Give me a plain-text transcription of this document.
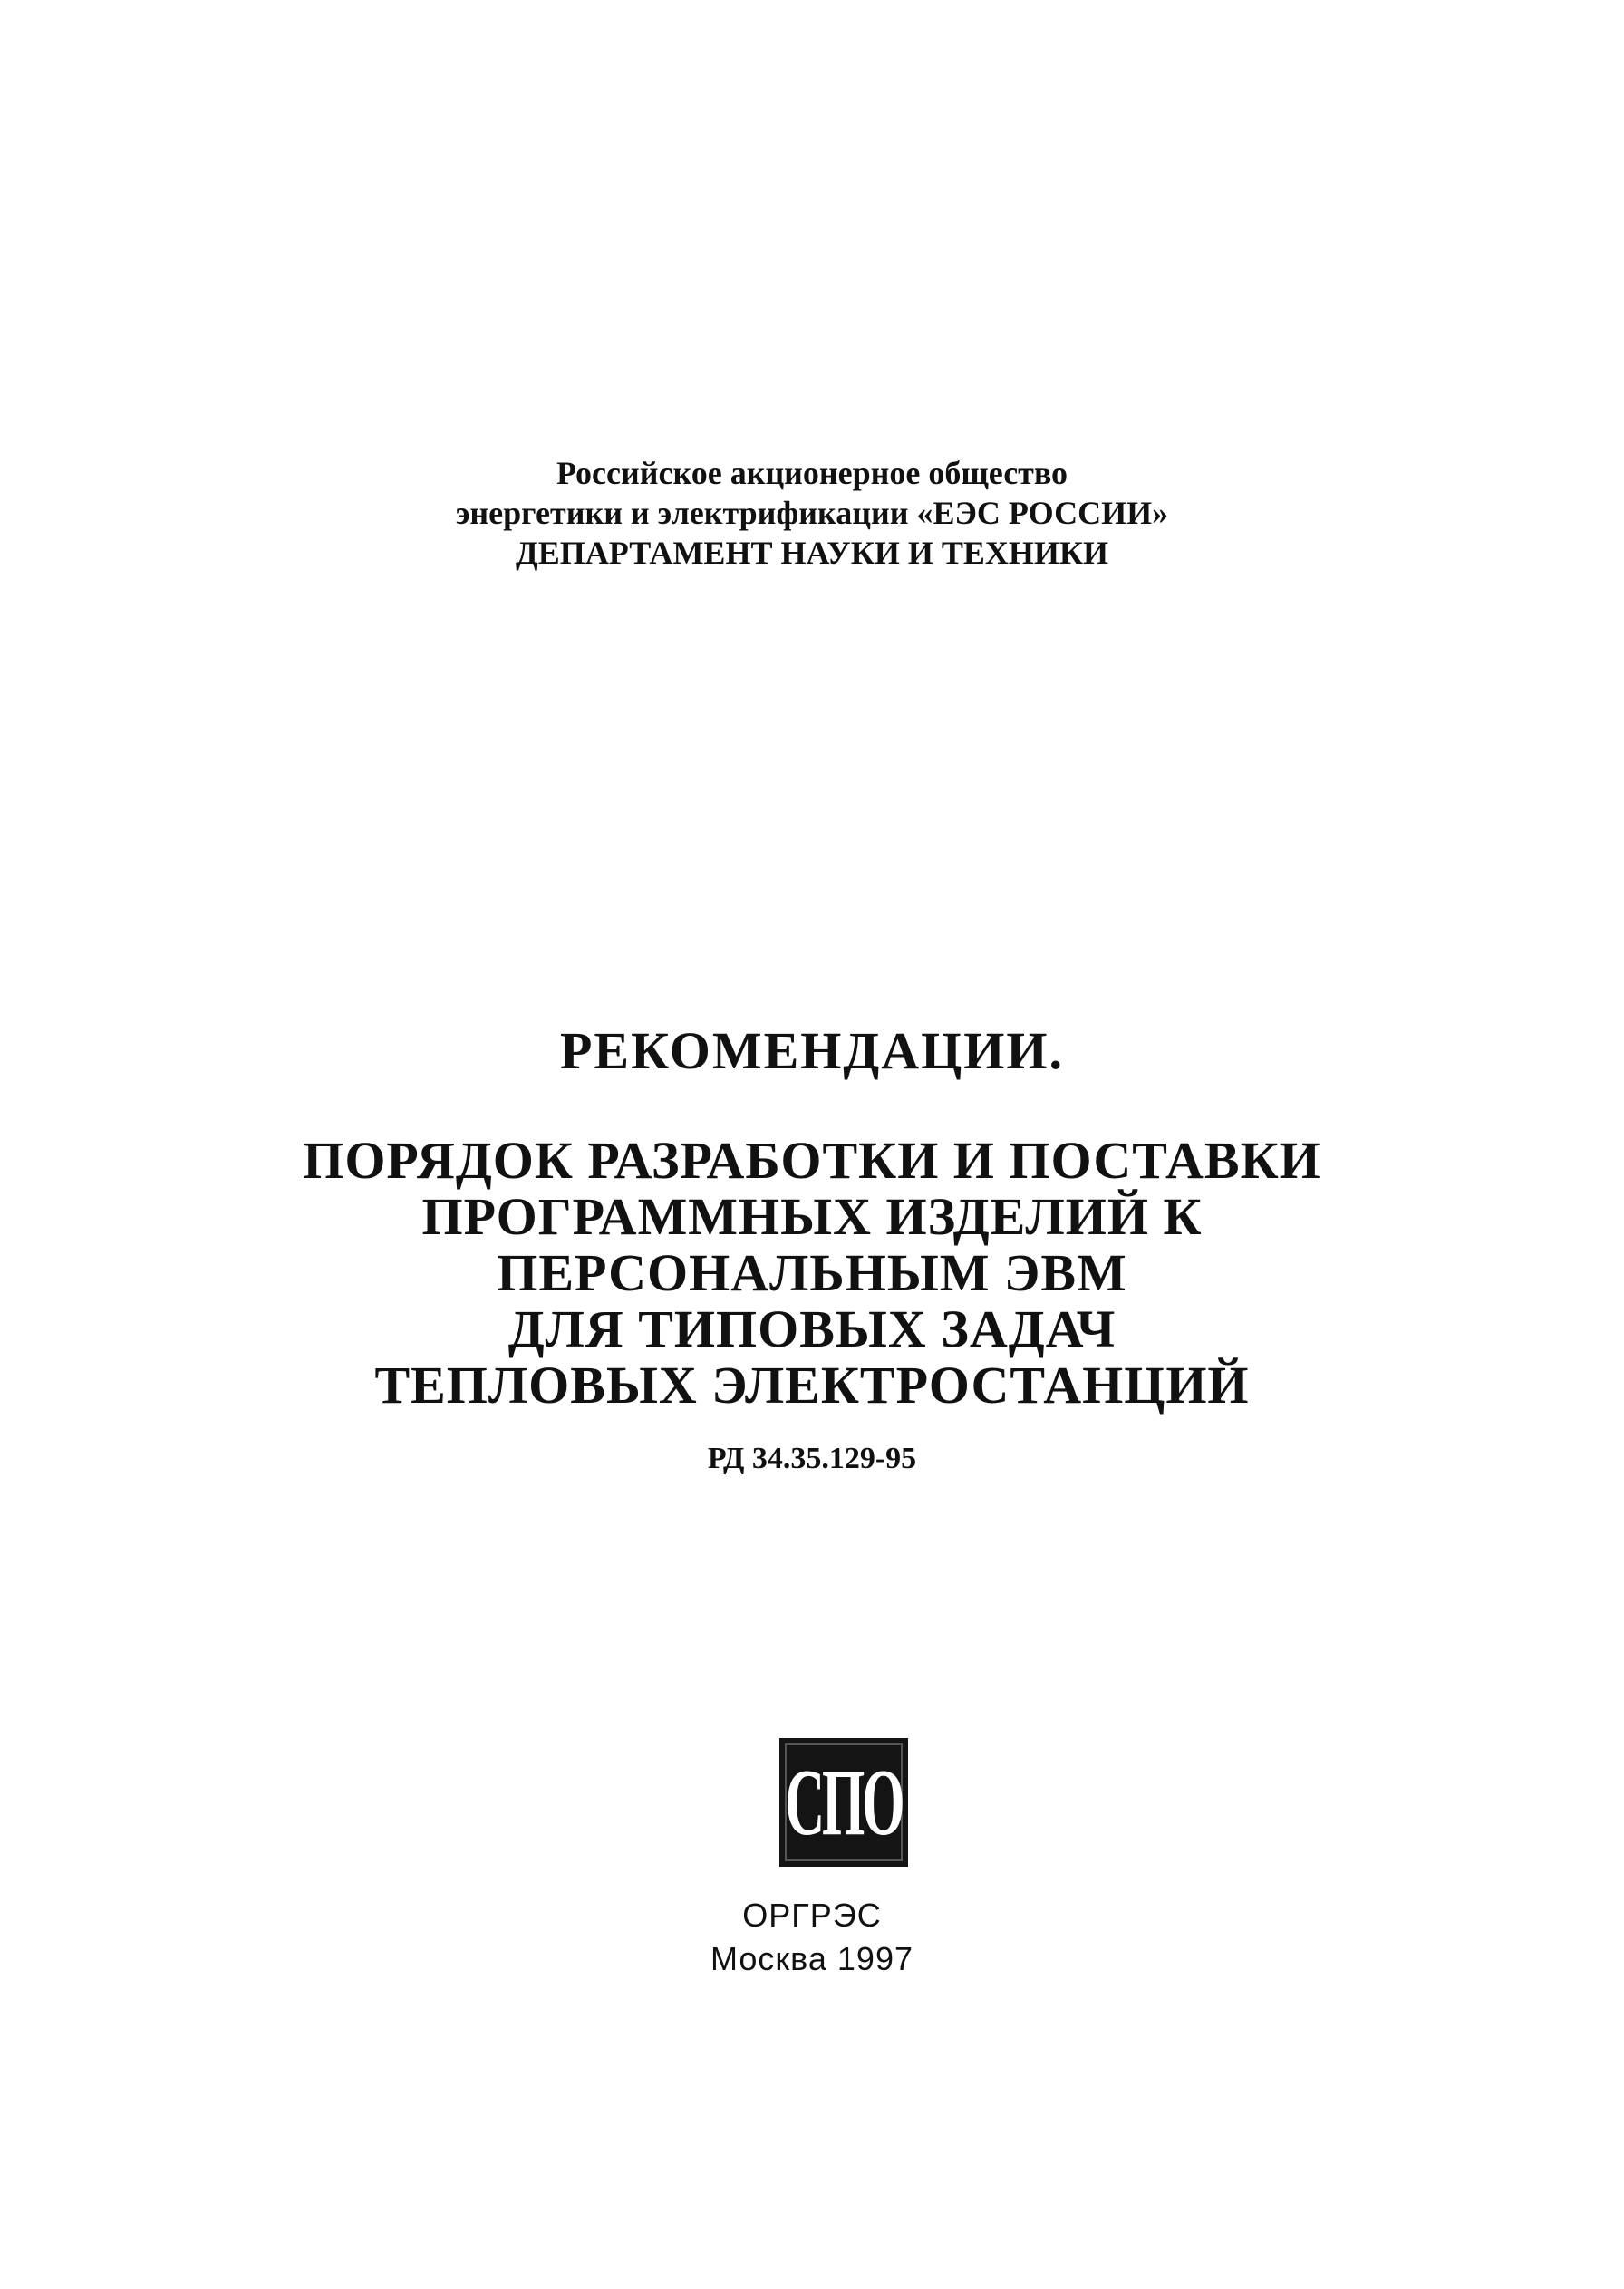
Российское акционерное общество
энергетики и электрификации «ЕЭС РОССИИ»
ДЕПАРТАМЕНТ НАУКИ И ТЕХНИКИ
РЕКОМЕНДАЦИИ.
ПОРЯДОК РАЗРАБОТКИ И ПОСТАВКИ
ПРОГРАММНЫХ ИЗДЕЛИЙ К
ПЕРСОНАЛЬНЫМ ЭВМ
ДЛЯ ТИПОВЫХ ЗАДАЧ
ТЕПЛОВЫХ ЭЛЕКТРОСТАНЦИЙ
РД 34.35.129-95
СПО
ОРГРЭС
Москва 1997
